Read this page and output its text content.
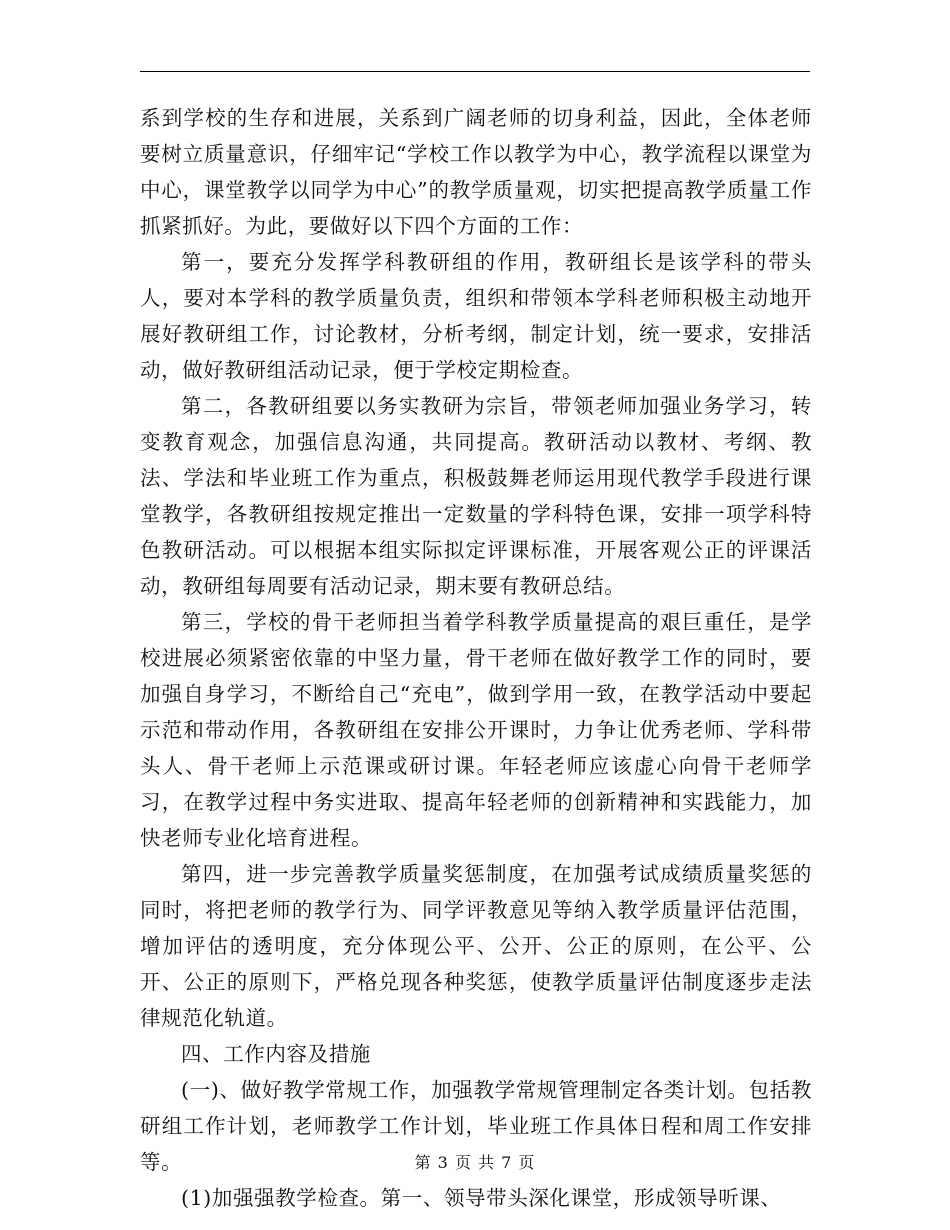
系到学校的生存和进展，关系到广阔老师的切身利益，因此，全体老师要树立质量意识，仔细牢记“学校工作以教学为中心，教学流程以课堂为中心，课堂教学以同学为中心”的教学质量观，切实把提高教学质量工作抓紧抓好。为此，要做好以下四个方面的工作：

第一，要充分发挥学科教研组的作用，教研组长是该学科的带头人，要对本学科的教学质量负责，组织和带领本学科老师积极主动地开展好教研组工作，讨论教材，分析考纲，制定计划，统一要求，安排活动，做好教研组活动记录，便于学校定期检查。

第二，各教研组要以务实教研为宗旨，带领老师加强业务学习，转变教育观念，加强信息沟通，共同提高。教研活动以教材、考纲、教法、学法和毕业班工作为重点，积极鼓舞老师运用现代教学手段进行课堂教学，各教研组按规定推出一定数量的学科特色课，安排一项学科特色教研活动。可以根据本组实际拟定评课标准，开展客观公正的评课活动，教研组每周要有活动记录，期末要有教研总结。

第三，学校的骨干老师担当着学科教学质量提高的艰巨重任，是学校进展必须紧密依靠的中坚力量，骨干老师在做好教学工作的同时，要加强自身学习，不断给自己“充电”，做到学用一致，在教学活动中要起示范和带动作用，各教研组在安排公开课时，力争让优秀老师、学科带头人、骨干老师上示范课或研讨课。年轻老师应该虚心向骨干老师学习，在教学过程中务实进取、提高年轻老师的创新精神和实践能力，加快老师专业化培育进程。

第四，进一步完善教学质量奖惩制度，在加强考试成绩质量奖惩的同时，将把老师的教学行为、同学评教意见等纳入教学质量评估范围，增加评估的透明度，充分体现公平、公开、公正的原则，在公平、公开、公正的原则下，严格兑现各种奖惩，使教学质量评估制度逐步走法律规范化轨道。

四、工作内容及措施

(一)、做好教学常规工作，加强教学常规管理制定各类计划。包括教研组工作计划，老师教学工作计划，毕业班工作具体日程和周工作安排等。

(1)加强强教学检查。第一、领导带头深化课堂，形成领导听课、

第 3 页 共 7 页
